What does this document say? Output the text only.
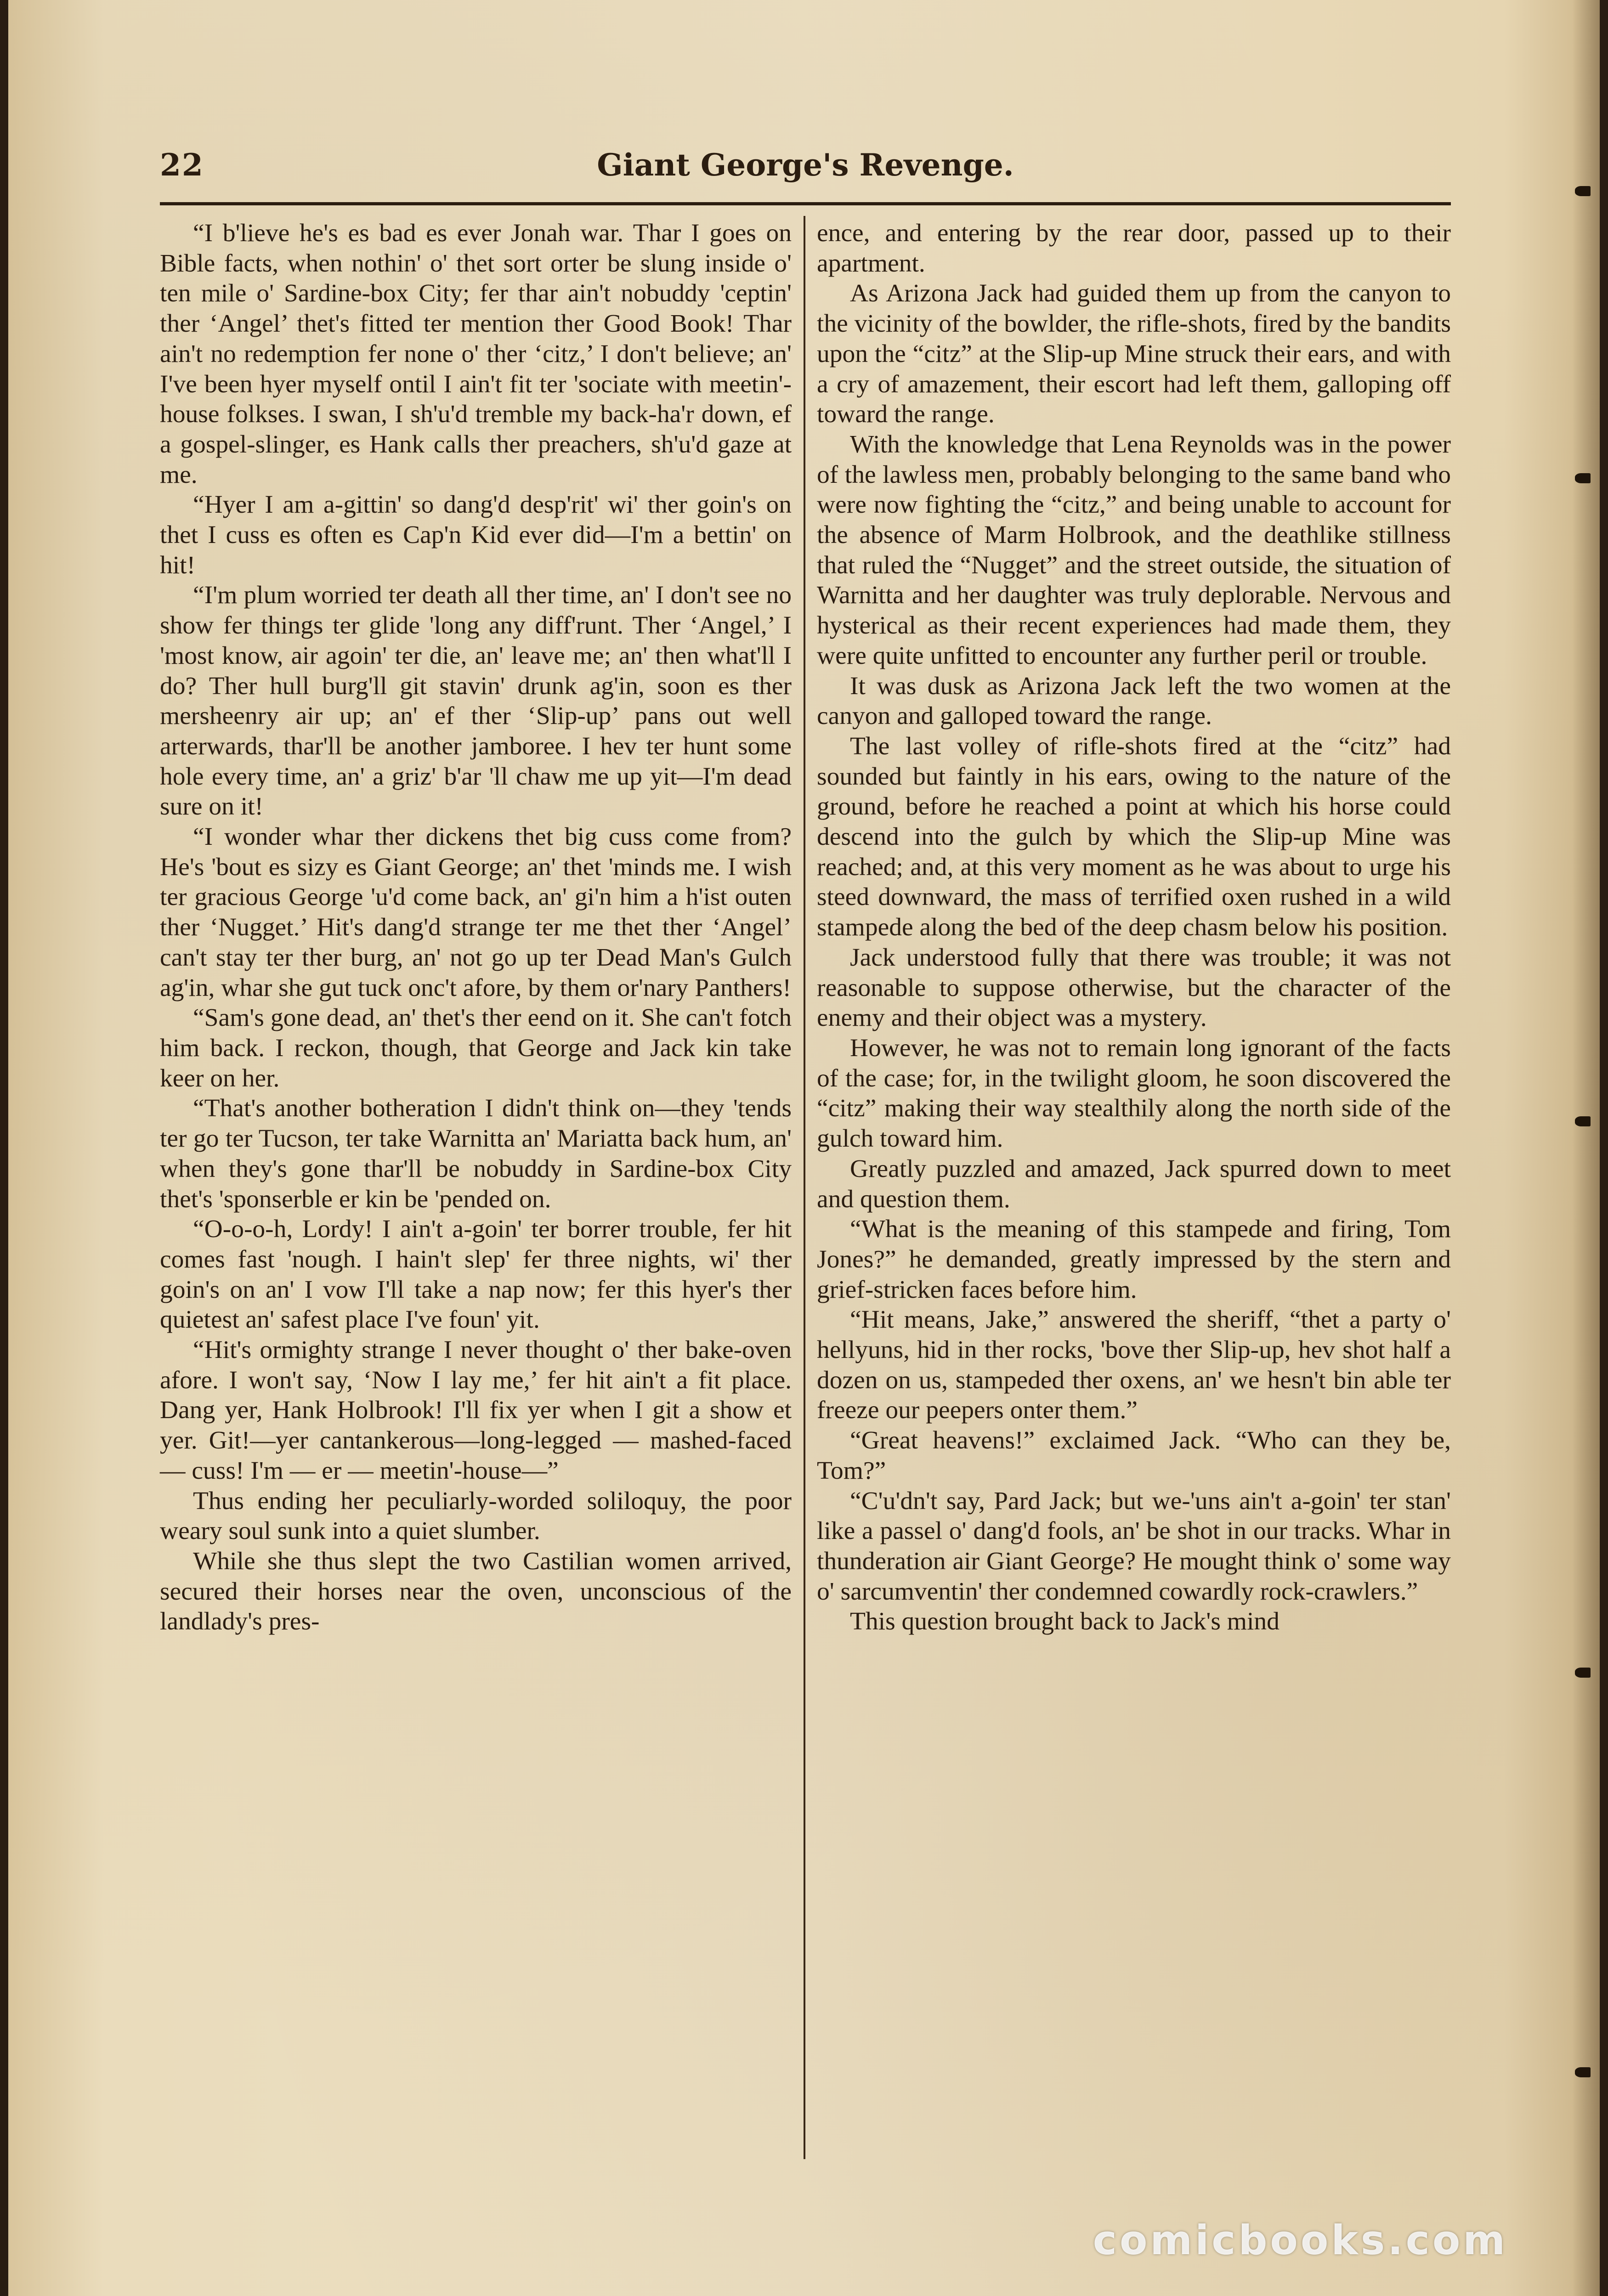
22	Giant George's Revenge.

“I b'lieve he's es bad es ever Jonah war. Thar I goes on Bible facts, when nothin' o' thet sort orter be slung inside o' ten mile o' Sardine-box City; fer thar ain't nobuddy 'ceptin' ther ‘Angel’ thet's fitted ter mention ther Good Book! Thar ain't no redemption fer none o' ther ‘citz,’ I don't believe; an' I've been hyer myself ontil I ain't fit ter 'sociate with meetin'-house folkses. I swan, I sh'u'd tremble my back-ha'r down, ef a gospel-slinger, es Hank calls ther preachers, sh'u'd gaze at me.

“Hyer I am a-gittin' so dang'd desp'rit' wi' ther goin's on thet I cuss es often es Cap'n Kid ever did—I'm a bettin' on hit!

“I'm plum worried ter death all ther time, an' I don't see no show fer things ter glide 'long any diff'runt. Ther ‘Angel,’ I 'most know, air agoin' ter die, an' leave me; an' then what'll I do? Ther hull burg'll git stavin' drunk ag'in, soon es ther mersheenry air up; an' ef ther ‘Slip-up’ pans out well arterwards, thar'll be another jamboree. I hev ter hunt some hole every time, an' a griz' b'ar 'll chaw me up yit—I'm dead sure on it!

“I wonder whar ther dickens thet big cuss come from? He's 'bout es sizy es Giant George; an' thet 'minds me. I wish ter gracious George 'u'd come back, an' gi'n him a h'ist outen ther ‘Nugget.’ Hit's dang'd strange ter me thet ther ‘Angel’ can't stay ter ther burg, an' not go up ter Dead Man's Gulch ag'in, whar she gut tuck onc't afore, by them or'nary Panthers!

“Sam's gone dead, an' thet's ther eend on it. She can't fotch him back. I reckon, though, that George and Jack kin take keer on her.

“That's another botheration I didn't think on—they 'tends ter go ter Tucson, ter take Warnitta an' Mariatta back hum, an' when they's gone thar'll be nobuddy in Sardine-box City thet's 'sponserble er kin be 'pended on.

“O-o-o-h, Lordy! I ain't a-goin' ter borrer trouble, fer hit comes fast 'nough. I hain't slep' fer three nights, wi' ther goin's on an' I vow I'll take a nap now; fer this hyer's ther quietest an' safest place I've foun' yit.

“Hit's ormighty strange I never thought o' ther bake-oven afore. I won't say, ‘Now I lay me,’ fer hit ain't a fit place. Dang yer, Hank Holbrook! I'll fix yer when I git a show et yer. Git!—yer cantankerous—long-legged — mashed-faced — cuss! I'm — er — meetin'-house—”

Thus ending her peculiarly-worded soliloquy, the poor weary soul sunk into a quiet slumber.

While she thus slept the two Castilian women arrived, secured their horses near the oven, unconscious of the landlady's pres-

ence, and entering by the rear door, passed up to their apartment.

As Arizona Jack had guided them up from the canyon to the vicinity of the bowlder, the rifle-shots, fired by the bandits upon the “citz” at the Slip-up Mine struck their ears, and with a cry of amazement, their escort had left them, galloping off toward the range.

With the knowledge that Lena Reynolds was in the power of the lawless men, probably belonging to the same band who were now fighting the “citz,” and being unable to account for the absence of Marm Holbrook, and the deathlike stillness that ruled the “Nugget” and the street outside, the situation of Warnitta and her daughter was truly deplorable. Nervous and hysterical as their recent experiences had made them, they were quite unfitted to encounter any further peril or trouble.

It was dusk as Arizona Jack left the two women at the canyon and galloped toward the range.

The last volley of rifle-shots fired at the “citz” had sounded but faintly in his ears, owing to the nature of the ground, before he reached a point at which his horse could descend into the gulch by which the Slip-up Mine was reached; and, at this very moment as he was about to urge his steed downward, the mass of terrified oxen rushed in a wild stampede along the bed of the deep chasm below his position.

Jack understood fully that there was trouble; it was not reasonable to suppose otherwise, but the character of the enemy and their object was a mystery.

However, he was not to remain long ignorant of the facts of the case; for, in the twilight gloom, he soon discovered the “citz” making their way stealthily along the north side of the gulch toward him.

Greatly puzzled and amazed, Jack spurred down to meet and question them.

“What is the meaning of this stampede and firing, Tom Jones?” he demanded, greatly impressed by the stern and grief-stricken faces before him.

“Hit means, Jake,” answered the sheriff, “thet a party o' hellyuns, hid in ther rocks, 'bove ther Slip-up, hev shot half a dozen on us, stampeded ther oxens, an' we hesn't bin able ter freeze our peepers onter them.”

“Great heavens!” exclaimed Jack. “Who can they be, Tom?”

“C'u'dn't say, Pard Jack; but we-'uns ain't a-goin' ter stan' like a passel o' dang'd fools, an' be shot in our tracks. Whar in thunderation air Giant George? He mought think o' some way o' sarcumventin' ther condemned cowardly rock-crawlers.”

This question brought back to Jack's mind

comicbooks.com
